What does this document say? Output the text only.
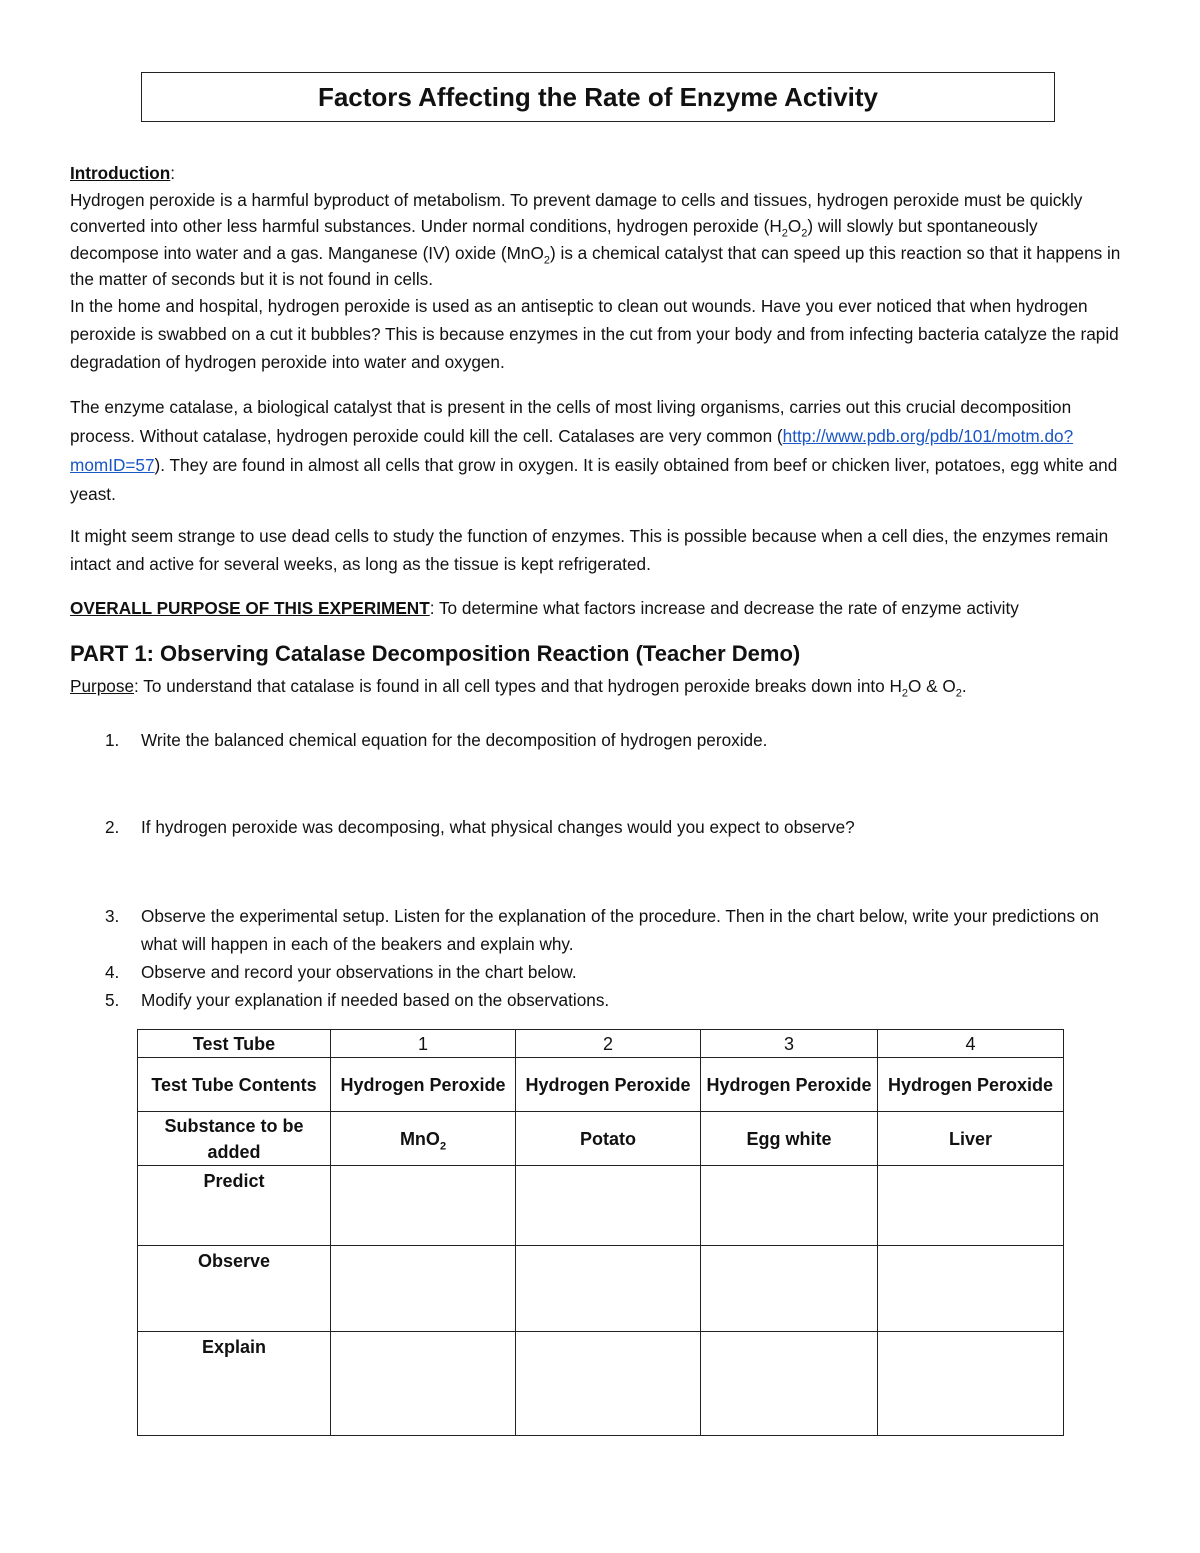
Factors Affecting the Rate of Enzyme Activity
Introduction:
Hydrogen peroxide is a harmful byproduct of metabolism. To prevent damage to cells and tissues, hydrogen peroxide must be quickly converted into other less harmful substances. Under normal conditions, hydrogen peroxide $(H_2O_2)$ will slowly but spontaneously decompose into water and a gas. Manganese (IV) oxide (MnO$_2$) is a chemical catalyst that can speed up this reaction so that it happens in the matter of seconds but it is not found in cells.
In the home and hospital, hydrogen peroxide is used as an antiseptic to clean out wounds. Have you ever noticed that when hydrogen peroxide is swabbed on a cut it bubbles? This is because enzymes in the cut from your body and from infecting bacteria catalyze the rapid degradation of hydrogen peroxide into water and oxygen.
The enzyme catalase, a biological catalyst that is present in the cells of most living organisms, carries out this crucial decomposition process. Without catalase, hydrogen peroxide could kill the cell. Catalases are very common (http://www.pdb.org/pdb/101/motm.do?momID=57). They are found in almost all cells that grow in oxygen. It is easily obtained from beef or chicken liver, potatoes, egg white and yeast.
It might seem strange to use dead cells to study the function of enzymes. This is possible because when a cell dies, the enzymes remain intact and active for several weeks, as long as the tissue is kept refrigerated.
OVERALL PURPOSE OF THIS EXPERIMENT: To determine what factors increase and decrease the rate of enzyme activity
PART 1: Observing Catalase Decomposition Reaction (Teacher Demo)
Purpose: To understand that catalase is found in all cell types and that hydrogen peroxide breaks down into $H_2O$ & $O_2$.
1. Write the balanced chemical equation for the decomposition of hydrogen peroxide.
2. If hydrogen peroxide was decomposing, what physical changes would you expect to observe?
3. Observe the experimental setup. Listen for the explanation of the procedure. Then in the chart below, write your predictions on what will happen in each of the beakers and explain why.
4. Observe and record your observations in the chart below.
5. Modify your explanation if needed based on the observations.
Test Tube	1	2	3	4
Test Tube Contents	Hydrogen Peroxide	Hydrogen Peroxide	Hydrogen Peroxide	Hydrogen Peroxide
Substance to be added	MnO$_2$	Potato	Egg white	Liver
Predict				
Observe				
Explain				
